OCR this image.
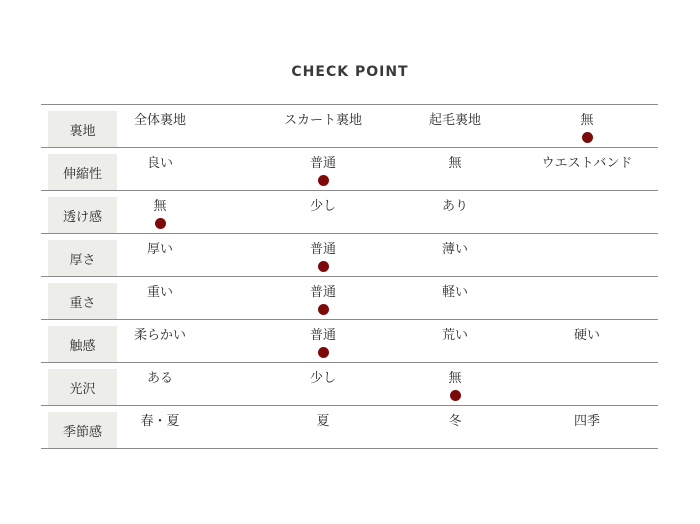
CHECK POINT
裏地
全体裏地	スカート裏地	起毛裏地	無
伸縮性
良い	普通	無	ウエストバンド
透け感
無	少し	あり
厚さ
厚い	普通	薄い
重さ
重い	普通	軽い
触感
柔らかい	普通	荒い	硬い
光沢
ある	少し	無
季節感
春・夏	夏	冬	四季
